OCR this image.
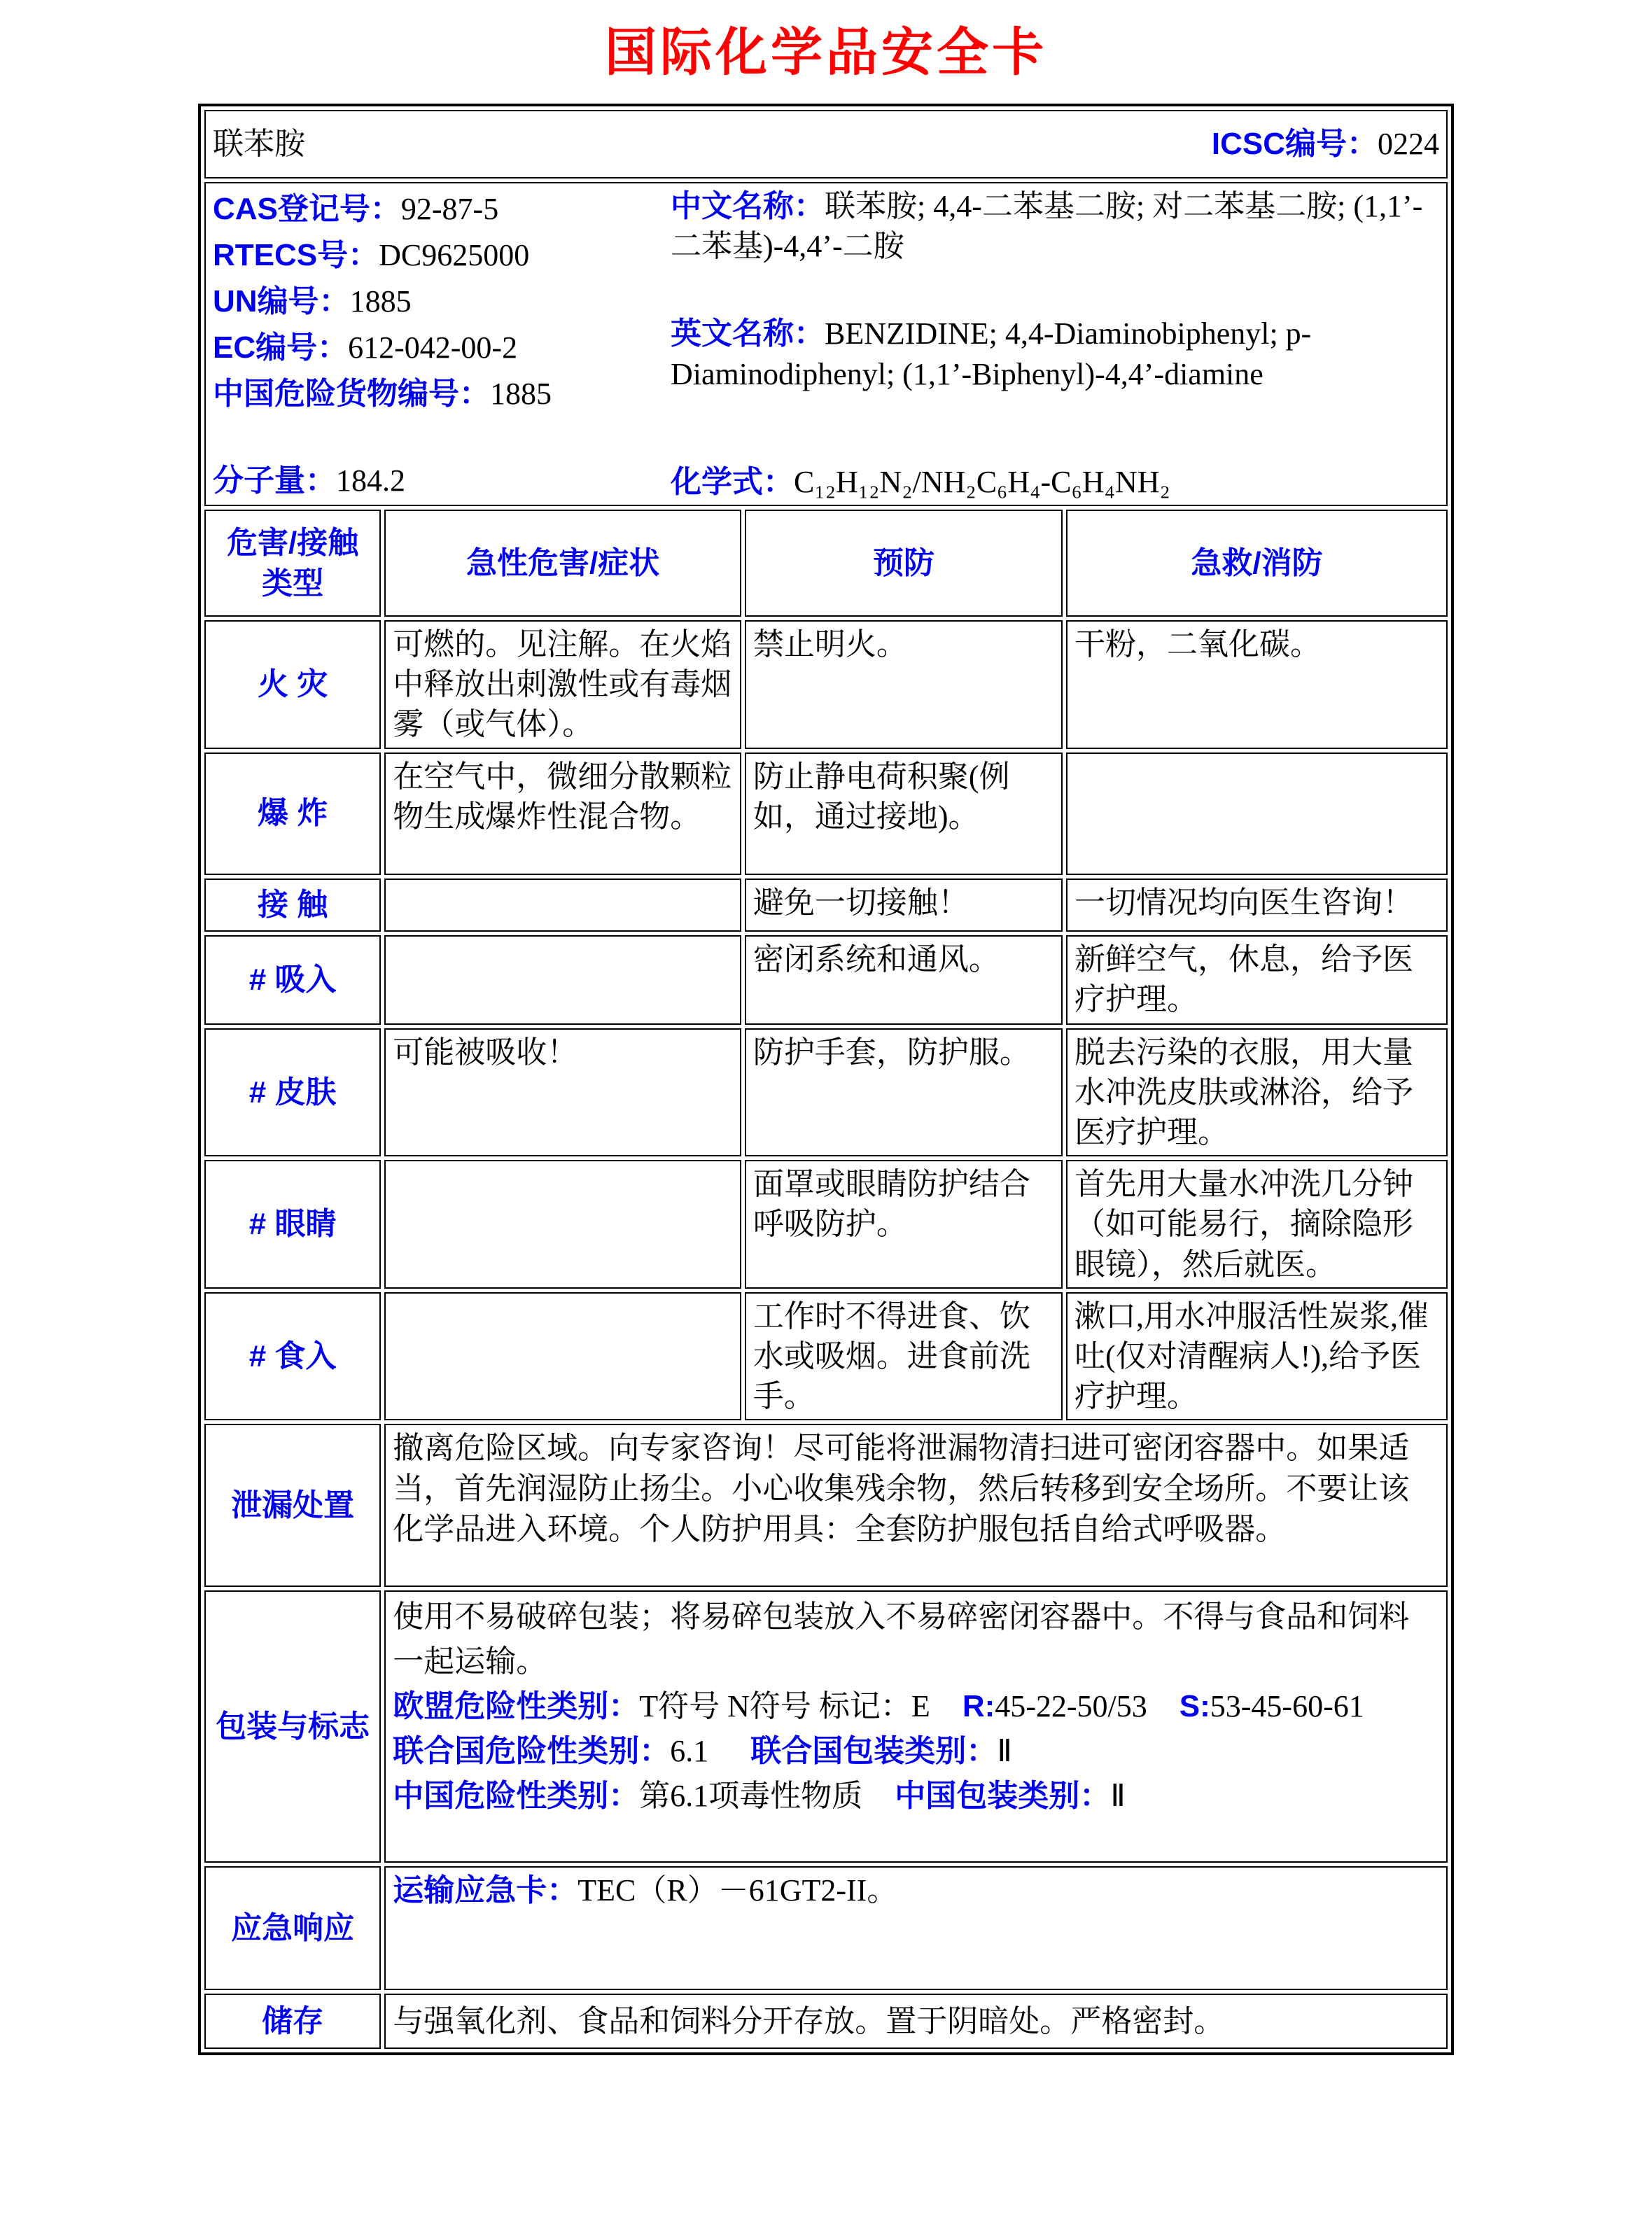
国际化学品安全卡
联苯胺 ICSC编号：0224			

CAS登记号：92-87-5
RTECS号：DC9625000
UN编号：1885
EC编号：612-042-00-2
中国危险货物编号：1885
分子量：184.2

中文名称：联苯胺; 4,4-二苯基二胺; 对二苯基二胺; (1,1’-二苯基)-4,4’-二胺

英文名称：BENZIDINE; 4,4-Diaminobiphenyl; p-Diaminodiphenyl; (1,1’-Biphenyl)-4,4’-diamine

化学式：C₁₂H₁₂N₂/NH₂C₆H₄-C₆H₄NH₂

危害/接触 类型	急性危害/症状	预防	急救/消防
火 灾	可燃的。见注解。在火焰中释放出刺激性或有毒烟雾（或气体）。	禁止明火。	干粉，二氧化碳。
爆 炸	在空气中，微细分散颗粒物生成爆炸性混合物。	防止静电荷积聚(例如，通过接地)。	
接 触		避免一切接触！	一切情况均向医生咨询！
# 吸入		密闭系统和通风。	新鲜空气，休息，给予医疗护理。
# 皮肤	可能被吸收！	防护手套，防护服。	脱去污染的衣服，用大量水冲洗皮肤或淋浴，给予医疗护理。
# 眼睛		面罩或眼睛防护结合呼吸防护。	首先用大量水冲洗几分钟（如可能易行，摘除隐形眼镜），然后就医。
# 食入		工作时不得进食、饮水或吸烟。进食前洗手。	漱口,用水冲服活性炭浆,催吐(仅对清醒病人!),给予医疗护理。
泄漏处置	撤离危险区域。向专家咨询！尽可能将泄漏物清扫进可密闭容器中。如果适当，首先润湿防止扬尘。小心收集残余物，然后转移到安全场所。不要让该化学品进入环境。个人防护用具：全套防护服包括自给式呼吸器。		
包装与标志	使用不易破碎包装；将易碎包装放入不易碎密闭容器中。不得与食品和饲料一起运输。

欧盟危险性类别：T符号 N符号 标记：E R:45-22-50/53 S:53-45-60-61

联合国危险性类别：6.1 联合国包装类别：Ⅱ

中国危险性类别：第6.1项毒性物质 中国包装类别：Ⅱ		

应急响应	运输应急卡：TEC（R）－61GT2-II。		
储存	与强氧化剂、食品和饲料分开存放。置于阴暗处。严格密封。		
